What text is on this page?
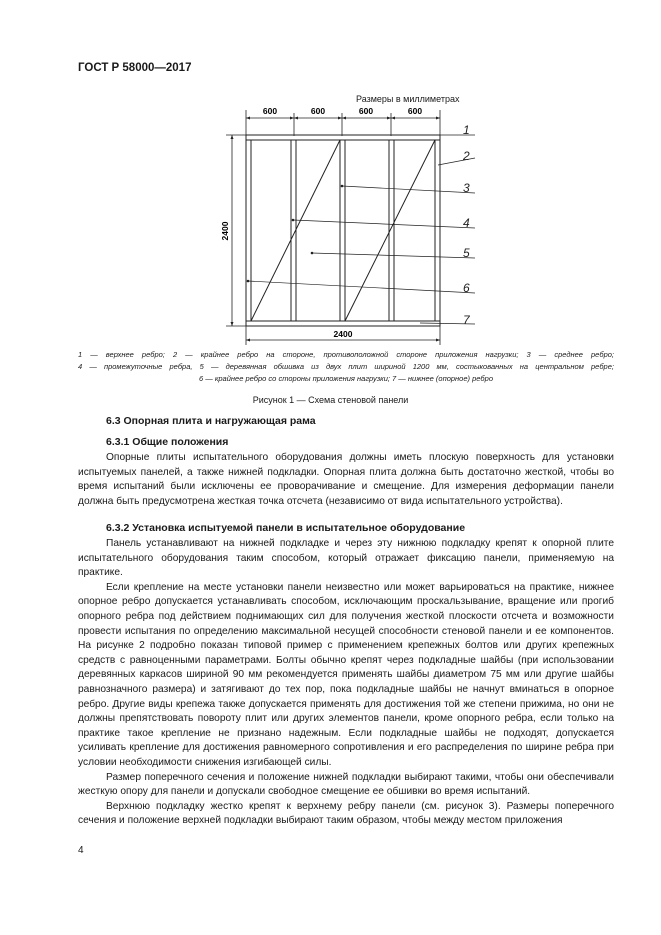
ГОСТ Р 58000—2017
Размеры в миллиметрах
600	600	600	600
2400
2400
1
2
3
4
5
6
7
1 — верхнее ребро; 2 — крайнее ребро на стороне, противоположной стороне приложения нагрузки; 3 — среднее ребро;
4 — промежуточные ребра, 5 — деревянная обшивка из двух плит шириной 1200 мм, состыкованных на центральном ребре;
6 — крайнее ребро со стороны приложения нагрузки; 7 — нижнее (опорное) ребро
Рисунок 1 — Схема стеновой панели
6.3 Опорная плита и нагружающая рама
6.3.1 Общие положения

Опорные плиты испытательного оборудования должны иметь плоскую поверхность для установки испытуемых панелей, а также нижней подкладки. Опорная плита должна быть достаточно жесткой, чтобы во время испытаний были исключены ее проворачивание и смещение. Для измерения деформации панели должна быть предусмотрена жесткая точка отсчета (независимо от вида испытательного устройства).

6.3.2 Установка испытуемой панели в испытательное оборудование

Панель устанавливают на нижней подкладке и через эту нижнюю подкладку крепят к опорной плите испытательного оборудования таким способом, который отражает фиксацию панели, применяемую на практике.

Если крепление на месте установки панели неизвестно или может варьироваться на практике, нижнее опорное ребро допускается устанавливать способом, исключающим проскальзывание, вращение или прогиб опорного ребра под действием поднимающих сил для получения жесткой плоскости отсчета и возможности провести испытания по определению максимальной несущей способности стеновой панели и ее компонентов. На рисунке 2 подробно показан типовой пример с применением крепежных болтов или других крепежных средств с равноценными параметрами. Болты обычно крепят через подкладные шайбы (при использовании деревянных каркасов шириной 90 мм рекомендуется применять шайбы диаметром 75 мм или другие шайбы равнозначного размера) и затягивают до тех пор, пока подкладные шайбы не начнут вминаться в опорное ребро. Другие виды крепежа также допускается применять для достижения той же степени прижима, но они не должны препятствовать повороту плит или других элементов панели, кроме опорного ребра, если только на практике такое крепление не признано надежным. Если подкладные шайбы не подходят, допускается усиливать крепление для достижения равномерного сопротивления и его распределения по ширине ребра при условии необходимости снижения изгибающей силы.

Размер поперечного сечения и положение нижней подкладки выбирают такими, чтобы они обеспечивали жесткую опору для панели и допускали свободное смещение ее обшивки во время испытаний.

Верхнюю подкладку жестко крепят к верхнему ребру панели (см. рисунок 3). Размеры поперечного сечения и положение верхней подкладки выбирают таким образом, чтобы между местом приложения

4
